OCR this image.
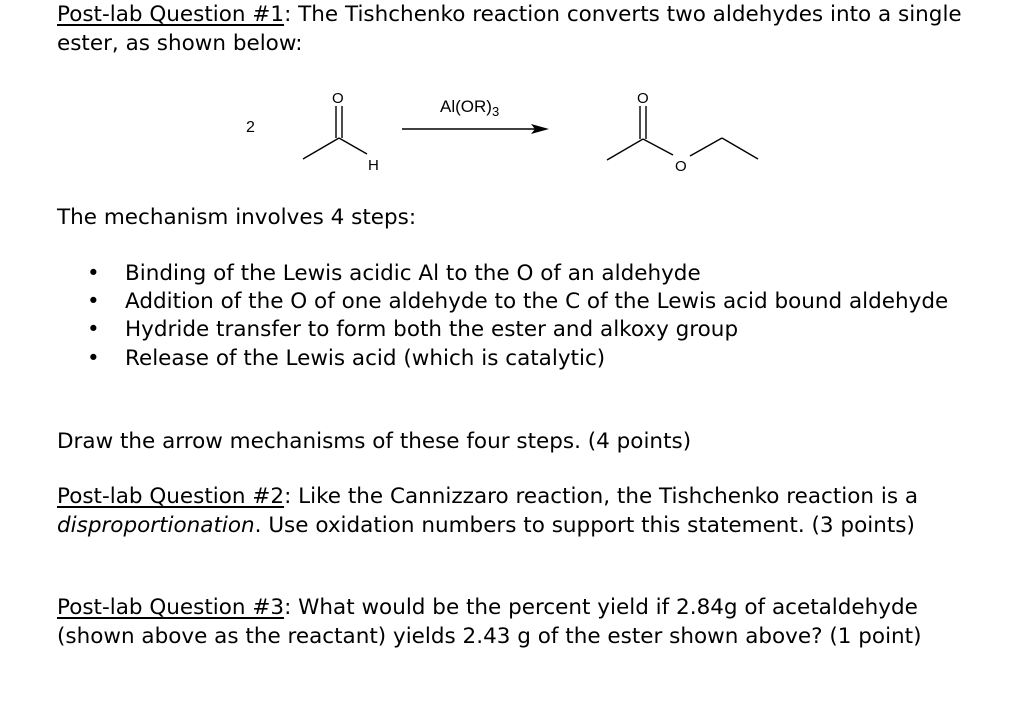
Post-lab Question #1: The Tishchenko reaction converts two aldehydes into a single ester, as shown below:

2
O
H
$Al(OR)_3$
O
O

The mechanism involves 4 steps:

• Binding of the Lewis acidic Al to the O of an aldehyde
• Addition of the O of one aldehyde to the C of the Lewis acid bound aldehyde
• Hydride transfer to form both the ester and alkoxy group
• Release of the Lewis acid (which is catalytic)

Draw the arrow mechanisms of these four steps. (4 points)

Post-lab Question #2: Like the Cannizzaro reaction, the Tishchenko reaction is a disproportionation. Use oxidation numbers to support this statement. (3 points)

Post-lab Question #3: What would be the percent yield if 2.84g of acetaldehyde (shown above as the reactant) yields 2.43 g of the ester shown above? (1 point)
